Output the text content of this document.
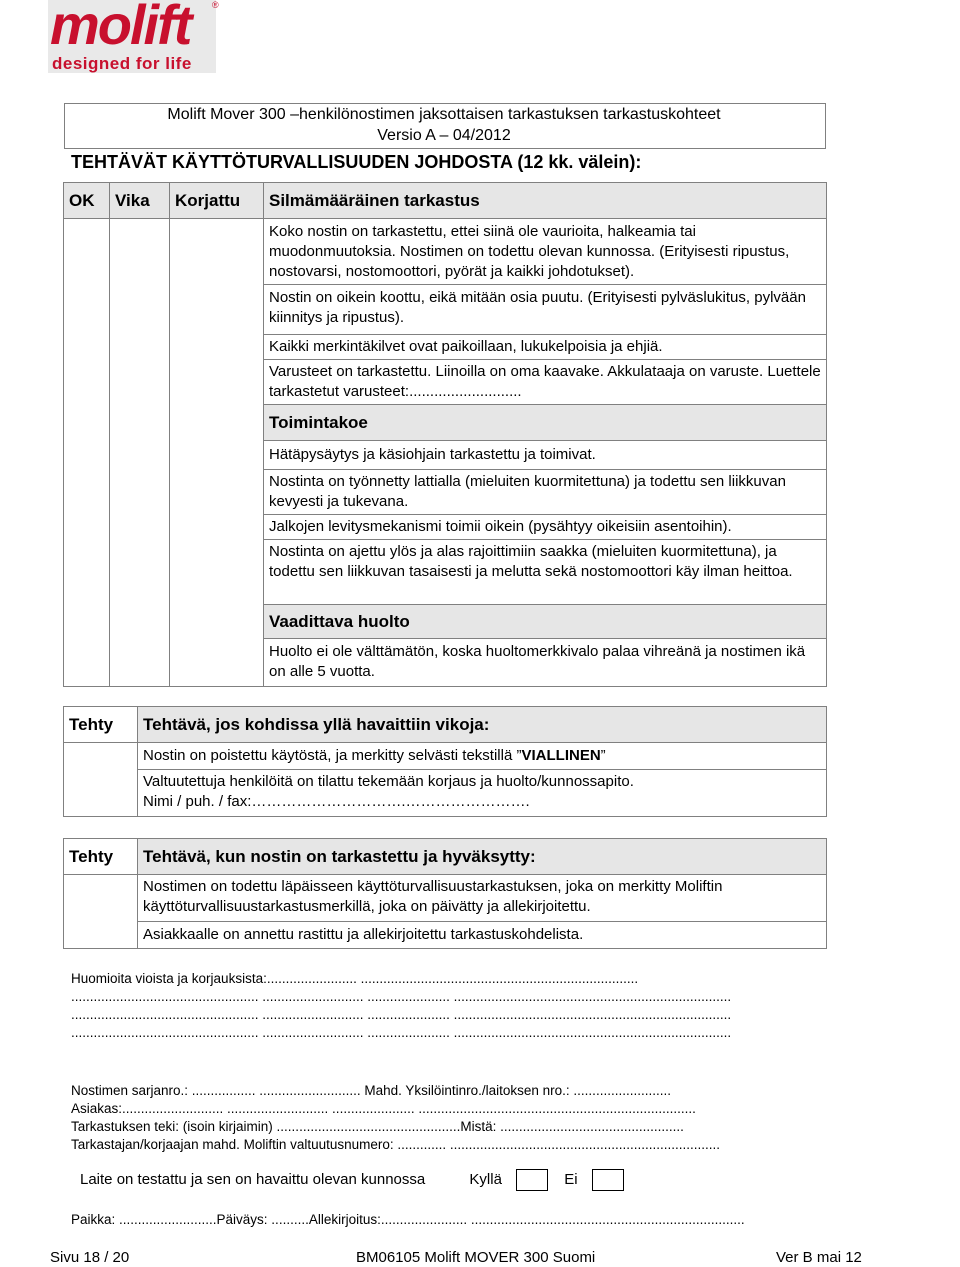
molift ®
designed for life
Molift Mover 300 –henkilönostimen jaksottaisen tarkastuksen tarkastuskohteet
Versio A – 04/2012
TEHTÄVÄT KÄYTTÖTURVALLISUUDEN JOHDOSTA (12 kk. välein):
OK	Vika	Korjattu	Silmämääräinen tarkastus
			Koko nostin on tarkastettu, ettei siinä ole vaurioita, halkeamia tai muodonmuutoksia. Nostimen on todettu olevan kunnossa. (Erityisesti ripustus, nostovarsi, nostomoottori, pyörät ja kaikki johdotukset).
			Nostin on oikein koottu, eikä mitään osia puutu. (Erityisesti pylväslukitus, pylvään kiinnitys ja ripustus).
			Kaikki merkintäkilvet ovat paikoillaan, lukukelpoisia ja ehjiä.
			Varusteet on tarkastettu. Liinoilla on oma kaavake. Akkulataaja on varuste. Luettele tarkastetut varusteet:...........................
			Toimintakoe
			Hätäpysäytys ja käsiohjain tarkastettu ja toimivat.
			Nostinta on työnnetty lattialla (mieluiten kuormitettuna) ja todettu sen liikkuvan kevyesti ja tukevana.
			Jalkojen levitysmekanismi toimii oikein (pysähtyy oikeisiin asentoihin).
			Nostinta on ajettu ylös ja alas rajoittimiin saakka (mieluiten kuormitettuna), ja todettu sen liikkuvan tasaisesti ja melutta sekä nostomoottori käy ilman heittoa.
			Vaadittava huolto
			Huolto ei ole välttämätön, koska huoltomerkkivalo palaa vihreänä ja nostimen ikä on alle 5 vuotta.
Tehty	Tehtävä, jos kohdissa yllä havaittiin vikoja:
	Nostin on poistettu käytöstä, ja merkitty selvästi tekstillä ”VIALLINEN”

	Valtuutettuja henkilöitä on tilattu tekemään korjaus ja huolto/kunnossapito.
Nimi / puh. / fax:………………………….…………………….
Tehty	Tehtävä, kun nostin on tarkastettu ja hyväksytty:
	Nostimen on todettu läpäisseen käyttöturvallisuustarkastuksen, joka on merkitty Moliftin käyttöturvallisuustarkastusmerkillä, joka on päivätty ja allekirjoitettu.
	Asiakkaalle on annettu rastittu ja allekirjoitettu tarkastuskohdelista.
Huomioita vioista ja korjauksista:........................ ..........................................................................
.................................................. ........................... ...................... ..........................................................................
.................................................. ........................... ...................... ..........................................................................
.................................................. ........................... ...................... ..........................................................................
Nostimen sarjanro.: ................. ........................... Mahd. Yksilöintinro./laitoksen nro.: ..........................
Asiakas:........................... ........................... ...................... ..........................................................................
Tarkastuksen teki: (isoin kirjaimin) .................................................Mistä: .................................................
Tarkastajan/korjaajan mahd. Moliftin valtuutusnumero: ............. ........................................................................
Laite on testattu ja sen on havaittu olevan kunnossa	Kyllä	Ei
Paikka: ..........................Päiväys: ..........Allekirjoitus:....................... .........................................................................
Sivu 18 / 20	BM06105 Molift MOVER 300 Suomi	Ver B mai 12
